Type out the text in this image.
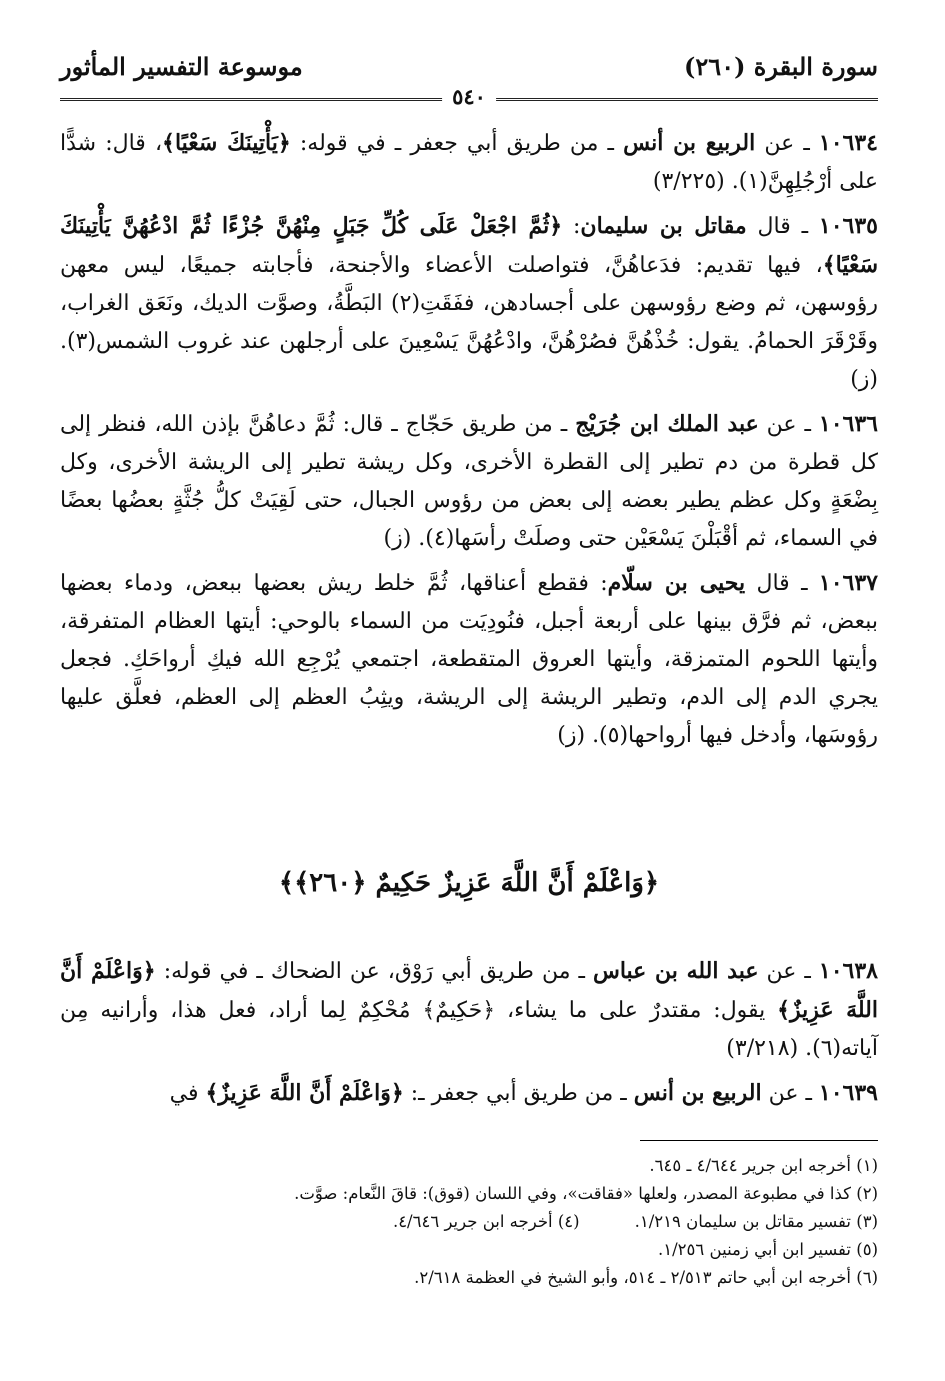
سورة البقرة (٢٦٠)
موسوعة التفسير المأثور
٥٤٠

١٠٦٣٤ ـ عن الربيع بن أنس ـ من طريق أبي جعفر ـ في قوله: ﴿يَأْتِينَكَ سَعْيًا﴾، قال: شدًّا على أرْجُلِهِنَّ(١). (٣/٢٢٥)

١٠٦٣٥ ـ قال مقاتل بن سليمان: ﴿ثُمَّ اجْعَلْ عَلَى كُلِّ جَبَلٍ مِنْهُنَّ جُزْءًا ثُمَّ ادْعُهُنَّ يَأْتِينَكَ سَعْيًا﴾، فيها تقديم: فدَعاهُنَّ، فتواصلت الأعضاء والأجنحة، فأجابته جميعًا، ليس معهن رؤوسهن، ثم وضع رؤوسهن على أجسادهن، ففَقَتِ(٢) البَطَّةُ، وصوَّت الديك، ونَعَق الغراب، وقَرْقَرَ الحمامُ. يقول: خُذْهُنَّ فصُرْهُنَّ، وادْعُهُنَّ يَسْعِينَ على أرجلهن عند غروب الشمس(٣). (ز)

١٠٦٣٦ ـ عن عبد الملك ابن جُرَيْج ـ من طريق حَجّاج ـ قال: ثُمَّ دعاهُنَّ بإذن الله، فنظر إلى كل قطرة من دم تطير إلى القطرة الأخرى، وكل ريشة تطير إلى الريشة الأخرى، وكل بِضْعَةٍ وكل عظم يطير بعضه إلى بعض من رؤوس الجبال، حتى لَقِيَتْ كلُّ جُثَّةٍ بعضُها بعضًا في السماء، ثم أقْبَلْنَ يَسْعَيْن حتى وصلَتْ رأسَها(٤). (ز)

١٠٦٣٧ ـ قال يحيى بن سلّام: فقطع أعناقها، ثُمَّ خلط ريش بعضها ببعض، ودماء بعضها ببعض، ثم فرَّق بينها على أربعة أجبل، فنُودِيَت من السماء بالوحي: أيتها العظام المتفرقة، وأيتها اللحوم المتمزقة، وأيتها العروق المتقطعة، اجتمعي يُرْجِع الله فيكِ أرواحَكِ. فجعل يجري الدم إلى الدم، وتطير الريشة إلى الريشة، ويثِبُ العظم إلى العظم، فعلَّق عليها رؤوسَها، وأدخل فيها أرواحها(٥). (ز)

﴿وَاعْلَمْ أَنَّ اللَّهَ عَزِيزٌ حَكِيمٌ ﴿٢٦٠﴾﴾

١٠٦٣٨ ـ عن عبد الله بن عباس ـ من طريق أبي رَوْق، عن الضحاك ـ في قوله: ﴿وَاعْلَمْ أَنَّ اللَّهَ عَزِيزٌ﴾ يقول: مقتدرٌ على ما يشاء، ﴿حَكِيمٌ﴾ مُحْكِمٌ لِما أراد، فعل هذا، وأرانيه مِن آياته(٦). (٣/٢١٨)

١٠٦٣٩ ـ عن الربيع بن أنس ـ من طريق أبي جعفر ـ: ﴿وَاعْلَمْ أَنَّ اللَّهَ عَزِيزٌ﴾ في

(١) أخرجه ابن جرير ٤/٦٤٤ ـ ٦٤٥.
(٢) كذا في مطبوعة المصدر، ولعلها «فقاقت»، وفي اللسان (قوق): قاقَ النَّعام: صوَّت.
(٣) تفسير مقاتل بن سليمان ١/٢١٩.(٤) أخرجه ابن جرير ٤/٦٤٦.
(٥) تفسير ابن أبي زمنين ١/٢٥٦.
(٦) أخرجه ابن أبي حاتم ٢/٥١٣ ـ ٥١٤، وأبو الشيخ في العظمة ٢/٦١٨.
